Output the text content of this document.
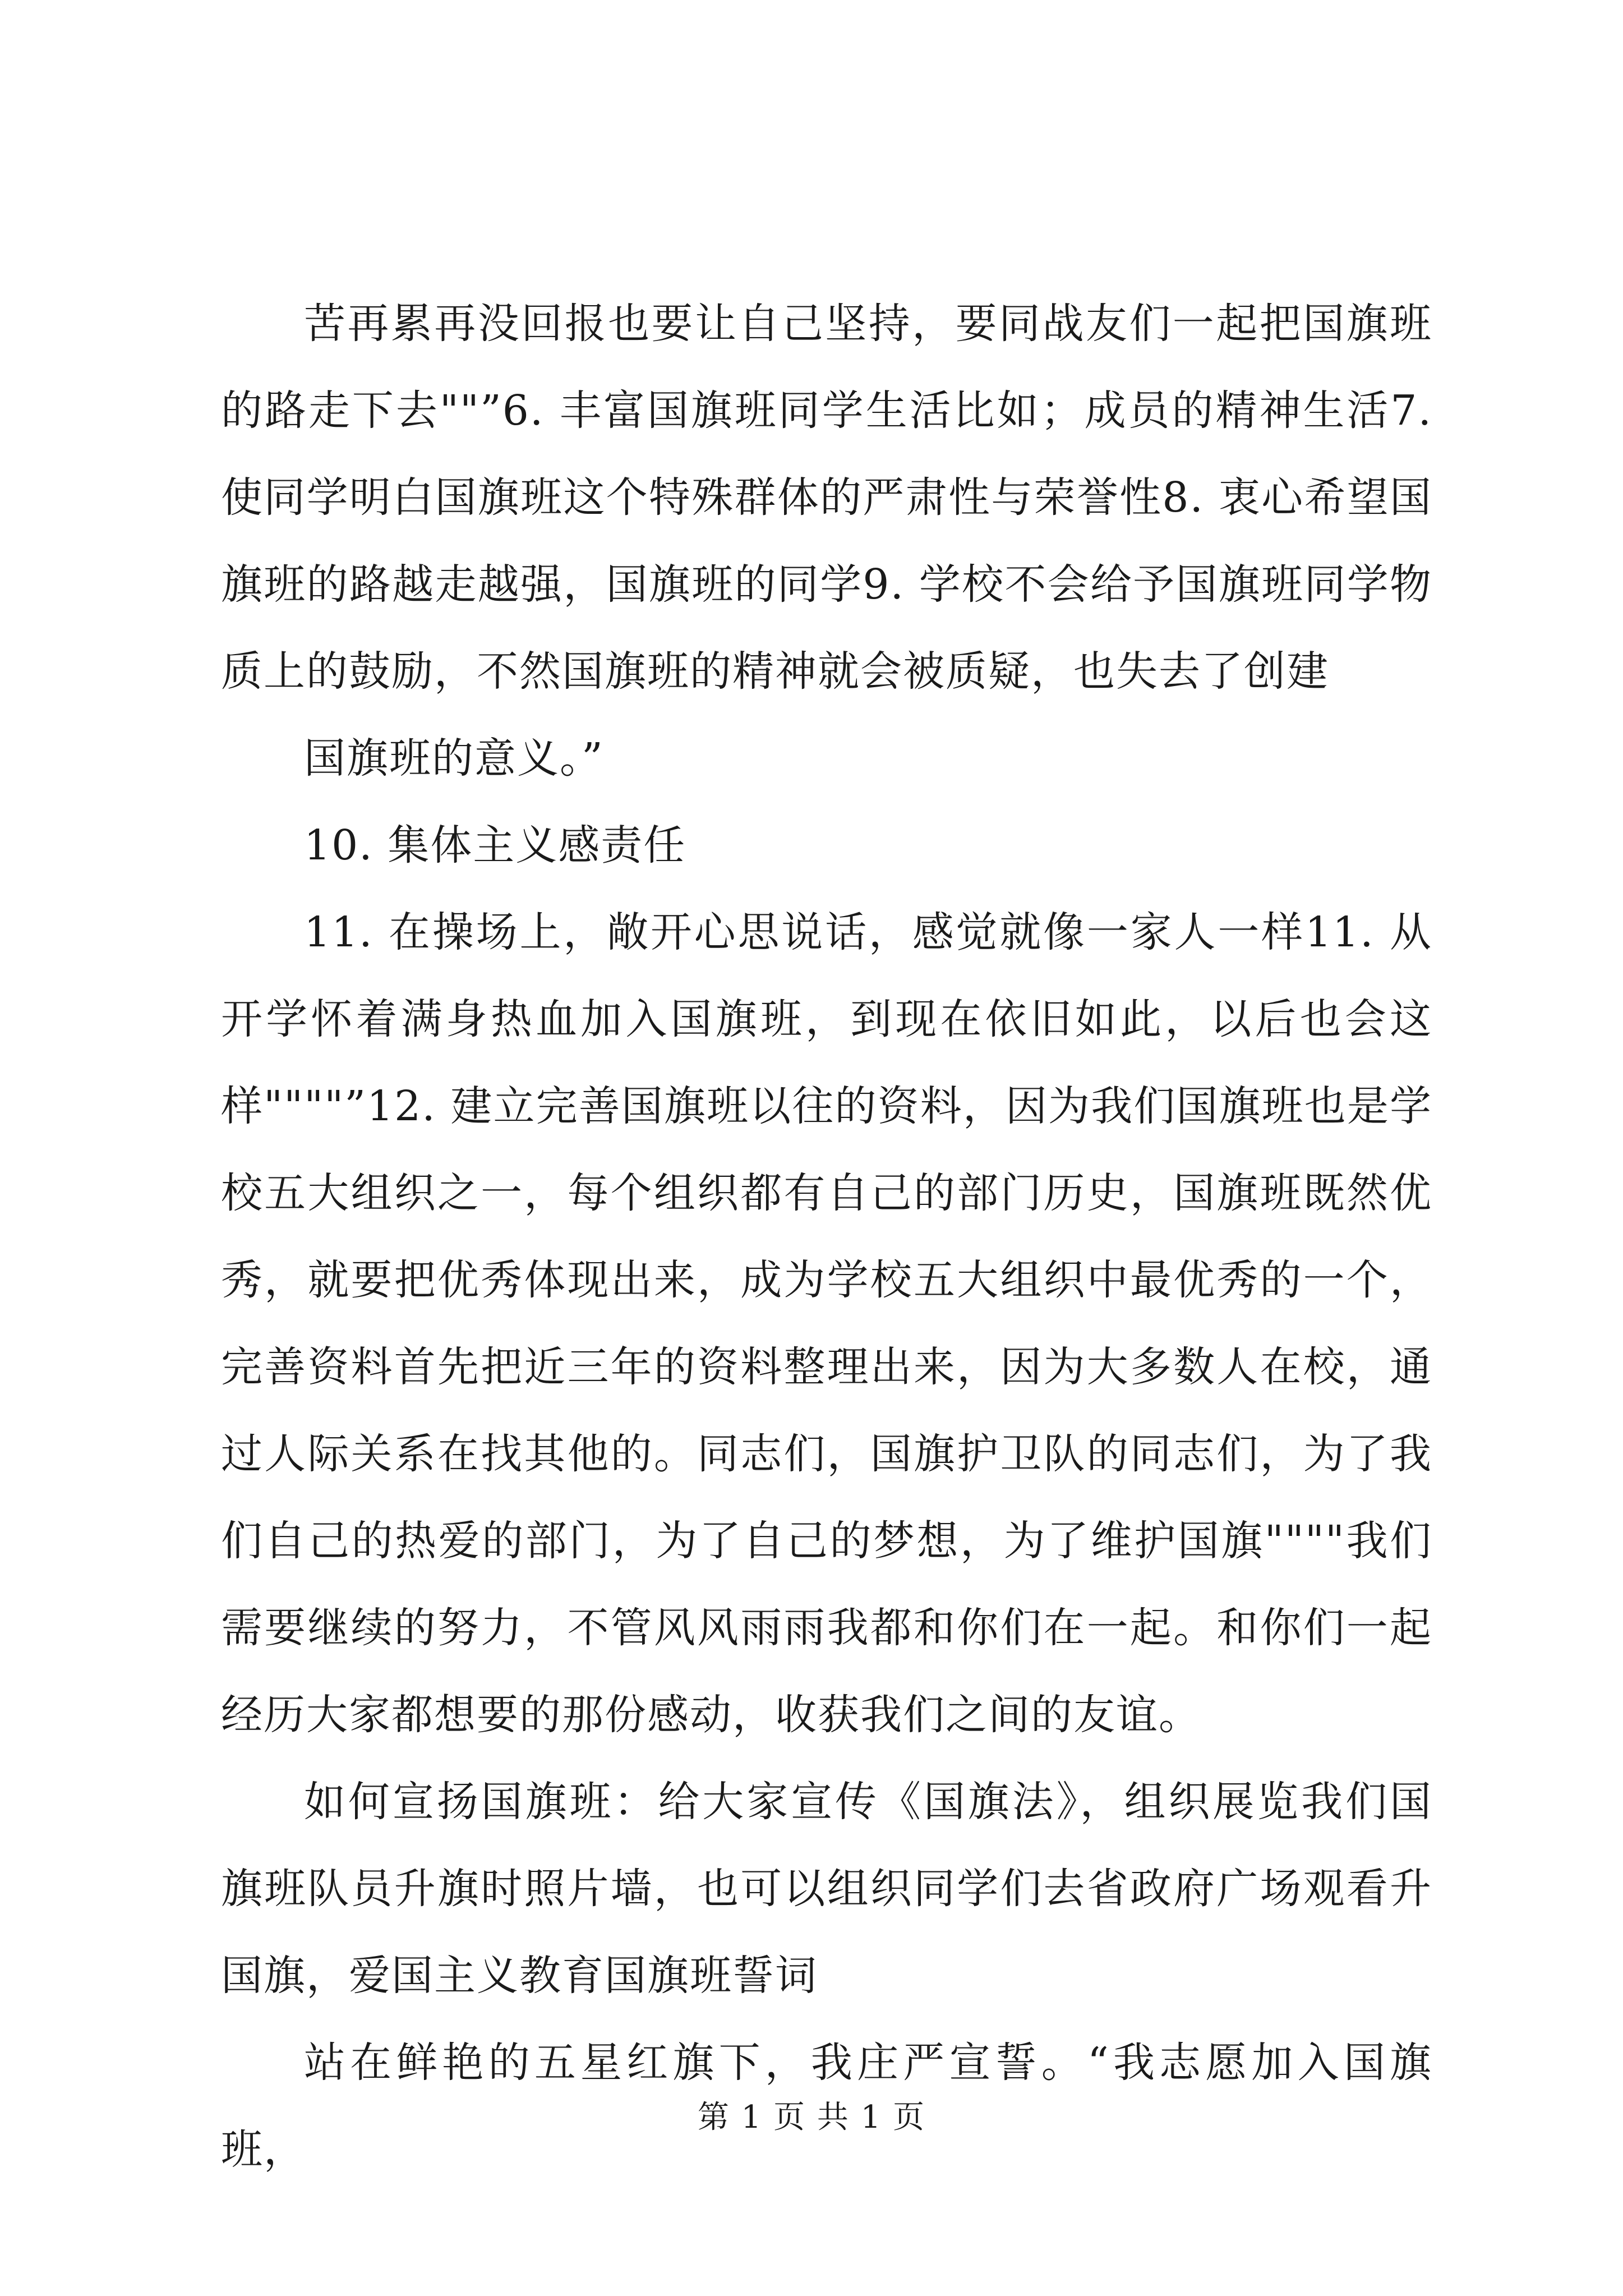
苦再累再没回报也要让自己坚持，要同战友们一起把国旗班的路走下去""”6. 丰富国旗班同学生活比如；成员的精神生活7. 使同学明白国旗班这个特殊群体的严肃性与荣誉性8. 衷心希望国旗班的路越走越强，国旗班的同学9. 学校不会给予国旗班同学物质上的鼓励，不然国旗班的精神就会被质疑，也失去了创建

国旗班的意义。”

10. 集体主义感责任

11. 在操场上，敞开心思说话，感觉就像一家人一样11. 从开学怀着满身热血加入国旗班，到现在依旧如此，以后也会这样""""”12. 建立完善国旗班以往的资料，因为我们国旗班也是学校五大组织之一，每个组织都有自己的部门历史，国旗班既然优秀，就要把优秀体现出来，成为学校五大组织中最优秀的一个，完善资料首先把近三年的资料整理出来，因为大多数人在校，通过人际关系在找其他的。同志们，国旗护卫队的同志们，为了我们自己的热爱的部门，为了自己的梦想，为了维护国旗""""我们需要继续的努力，不管风风雨雨我都和你们在一起。和你们一起经历大家都想要的那份感动，收获我们之间的友谊。

如何宣扬国旗班：给大家宣传《国旗法》，组织展览我们国旗班队员升旗时照片墙，也可以组织同学们去省政府广场观看升国旗，爱国主义教育国旗班誓词

站在鲜艳的五星红旗下，我庄严宣誓。“我志愿加入国旗班，

第 1 页 共 1 页
